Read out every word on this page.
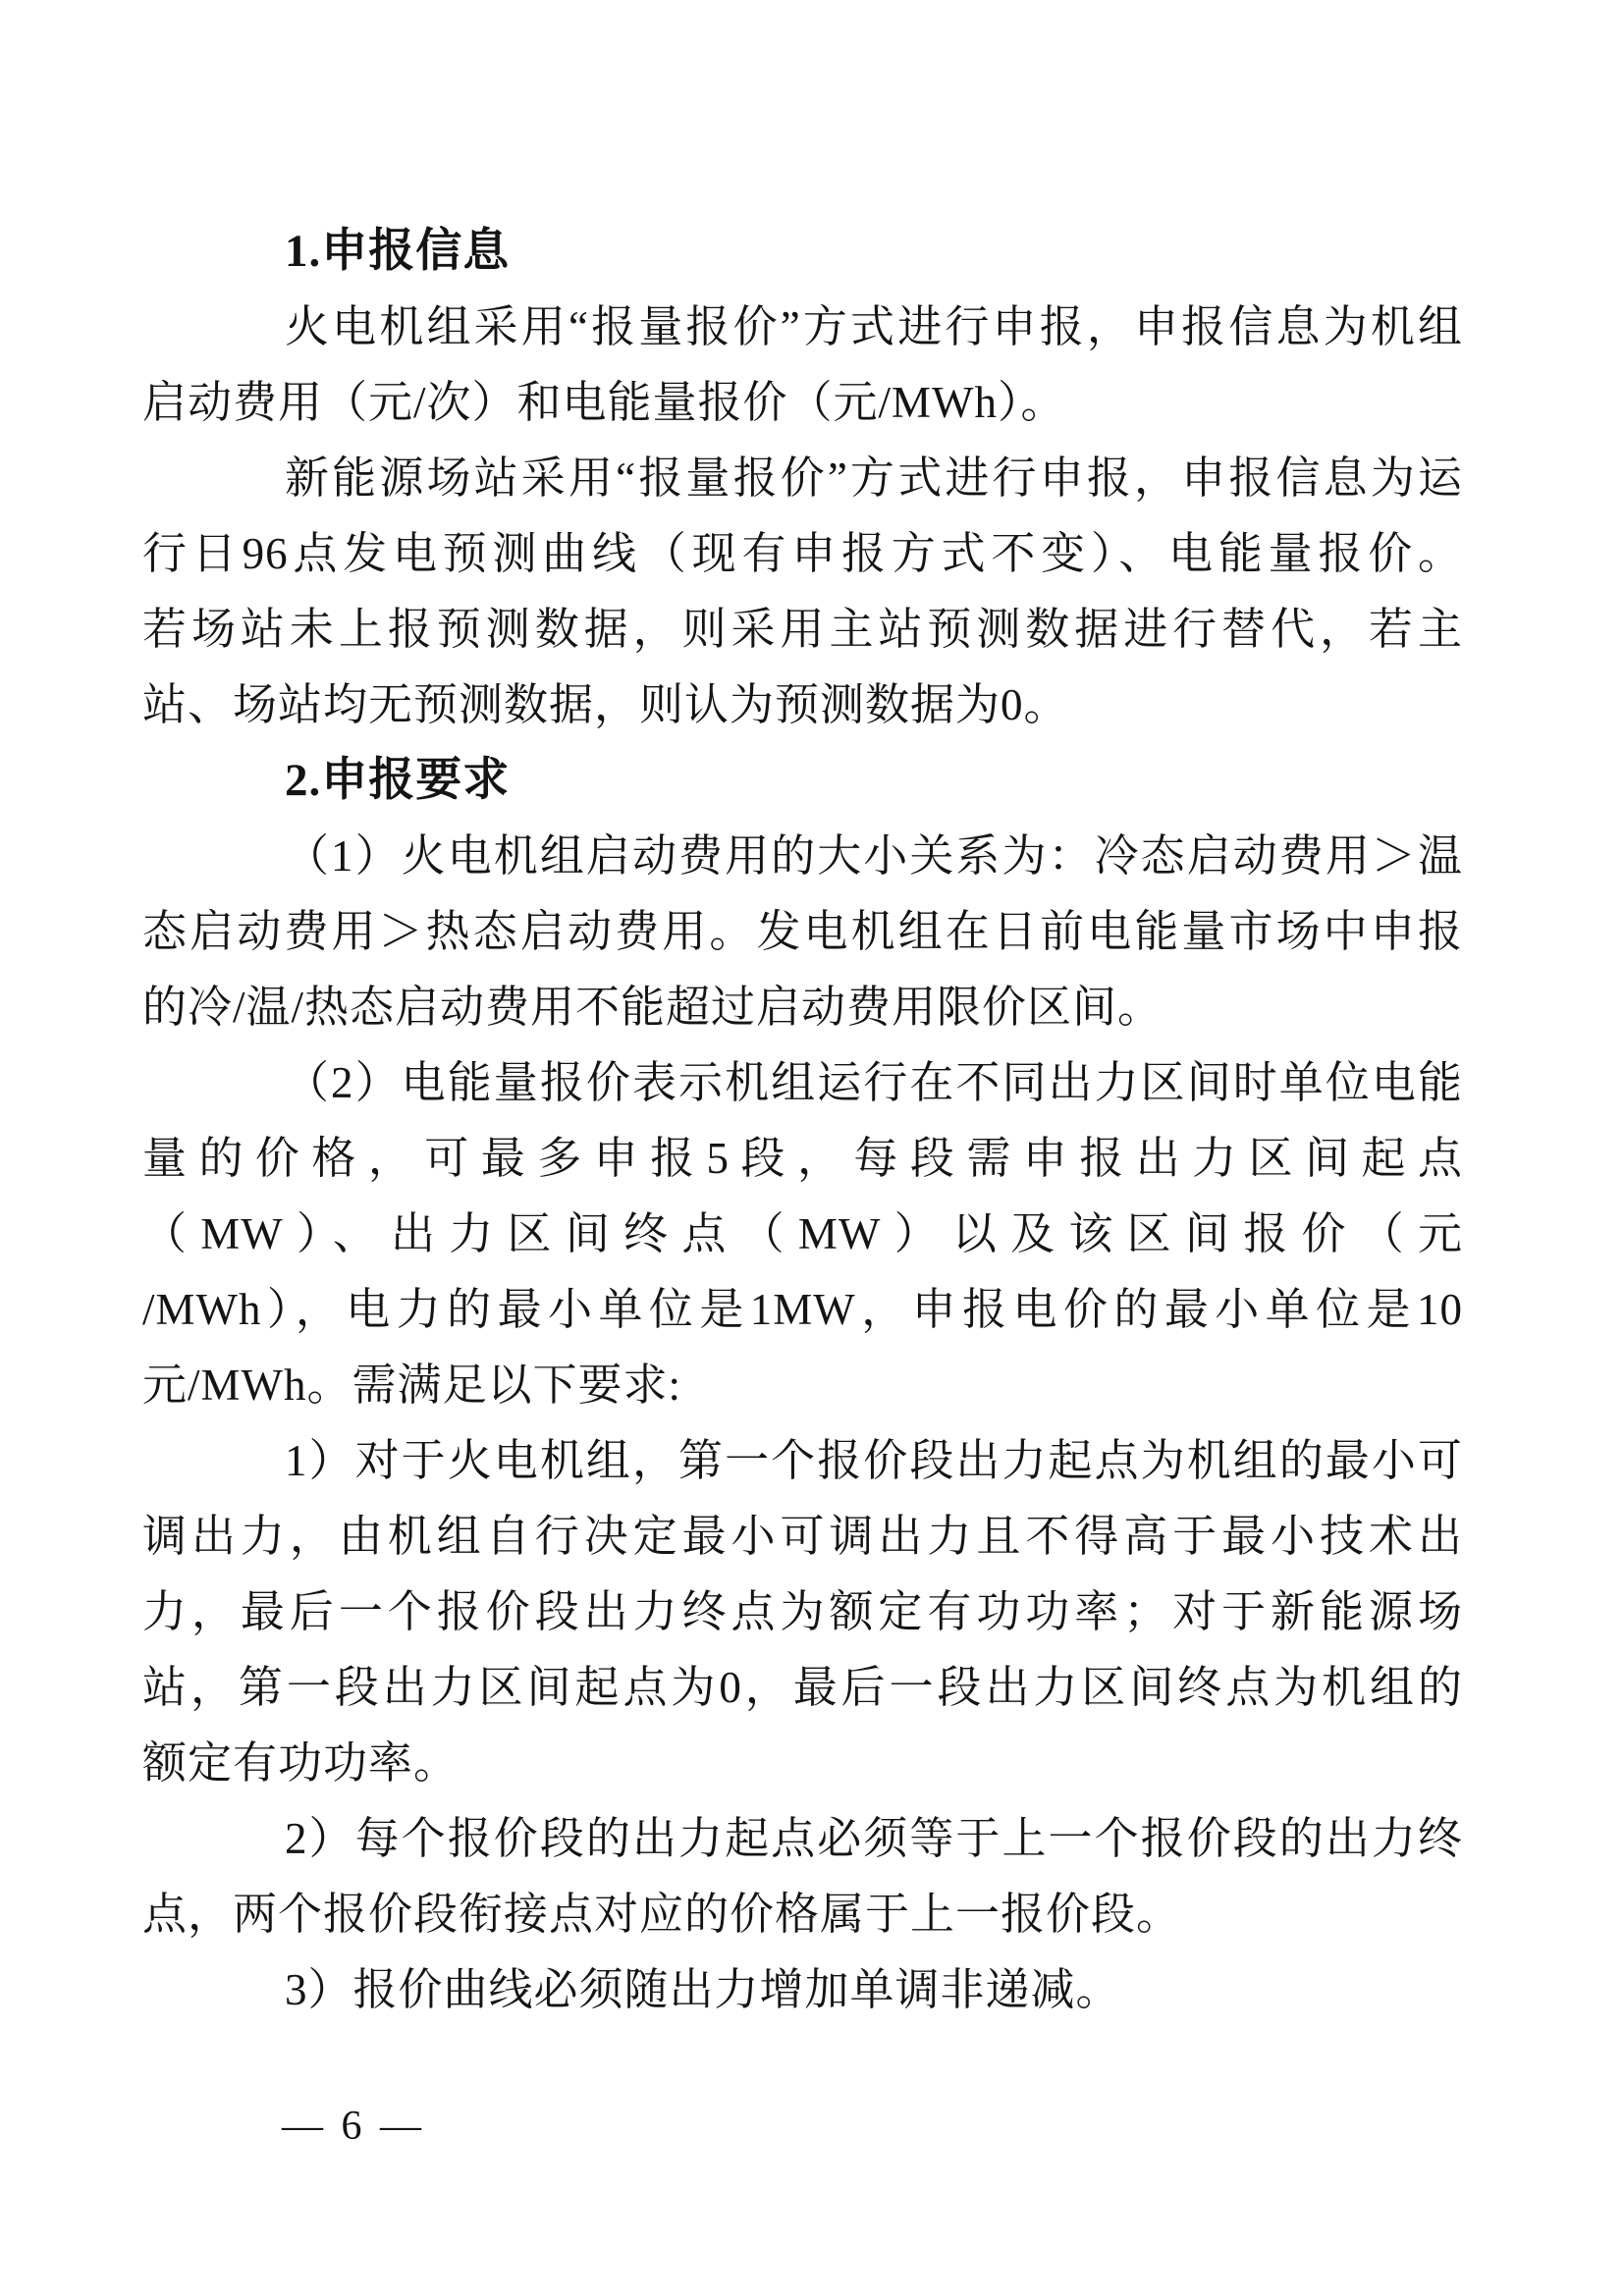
1.申报信息

火电机组采用“报量报价”方式进行申报，申报信息为机组

启动费用（元/次）和电能量报价（元/MWh）。

新能源场站采用“报量报价”方式进行申报，申报信息为运

行日96点发电预测曲线（现有申报方式不变）、电能量报价。

若场站未上报预测数据，则采用主站预测数据进行替代，若主

站、场站均无预测数据，则认为预测数据为0。

2.申报要求

（1）火电机组启动费用的大小关系为：冷态启动费用＞温

态启动费用＞热态启动费用。发电机组在日前电能量市场中申报

的冷/温/热态启动费用不能超过启动费用限价区间。

（2）电能量报价表示机组运行在不同出力区间时单位电能

量的价格，可最多申报5段，每段需申报出力区间起点

（MW）、出力区间终点（MW）以及该区间报价（元

/MWh），电力的最小单位是1MW，申报电价的最小单位是10

元/MWh。需满足以下要求:

1）对于火电机组，第一个报价段出力起点为机组的最小可

调出力，由机组自行决定最小可调出力且不得高于最小技术出

力，最后一个报价段出力终点为额定有功功率；对于新能源场

站，第一段出力区间起点为0，最后一段出力区间终点为机组的

额定有功功率。

2）每个报价段的出力起点必须等于上一个报价段的出力终

点，两个报价段衔接点对应的价格属于上一报价段。

3）报价曲线必须随出力增加单调非递减。

— 6 —
